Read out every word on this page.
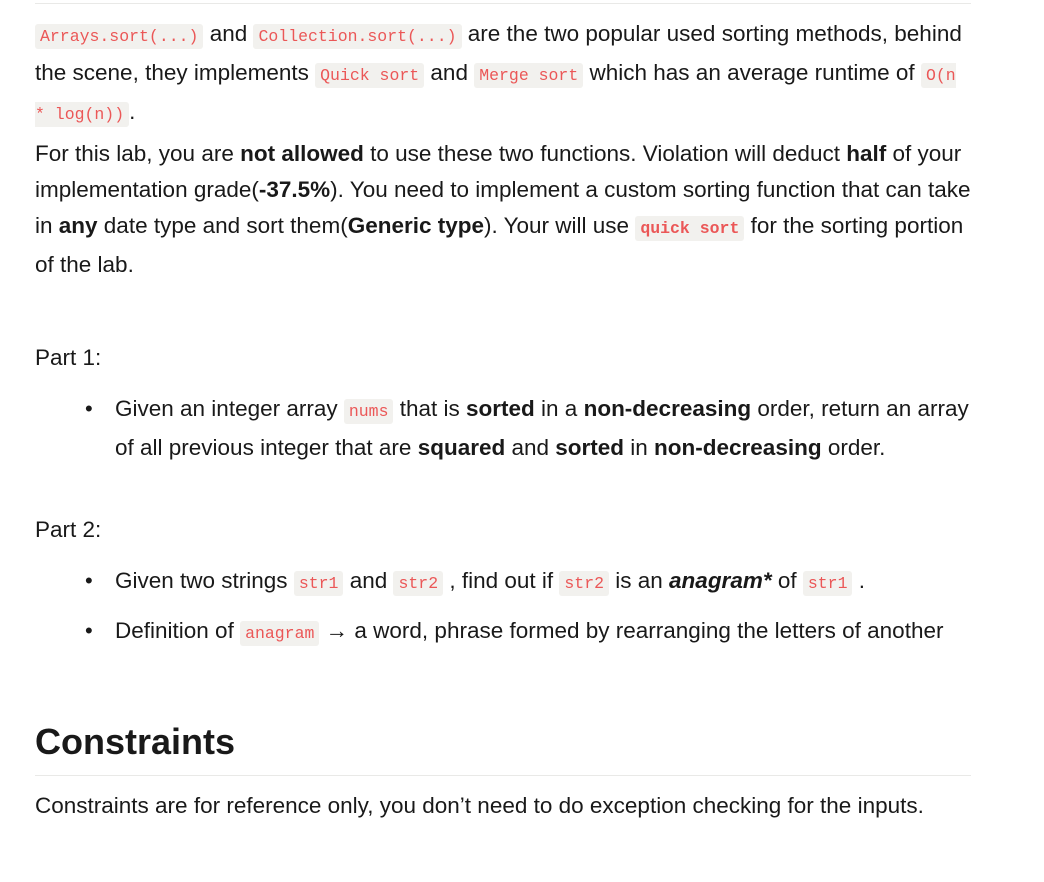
Arrays.sort(...) and Collection.sort(...) are the two popular used sorting methods, behind the scene, they implements Quick sort and Merge sort which has an average runtime of O(n * log(n)) .

For this lab, you are not allowed to use these two functions. Violation will deduct half of your implementation grade(-37.5%). You need to implement a custom sorting function that can take in any date type and sort them(Generic type). Your will use quick sort for the sorting portion of the lab.

Part 1:

• Given an integer array nums that is sorted in a non-decreasing order, return an array of all previous integer that are squared and sorted in non-decreasing order.

Part 2:

• Given two strings str1 and str2 , find out if str2 is an anagram* of str1 .
• Definition of anagram → a word, phrase formed by rearranging the letters of another
Constraints

Constraints are for reference only, you don’t need to do exception checking for the inputs.
